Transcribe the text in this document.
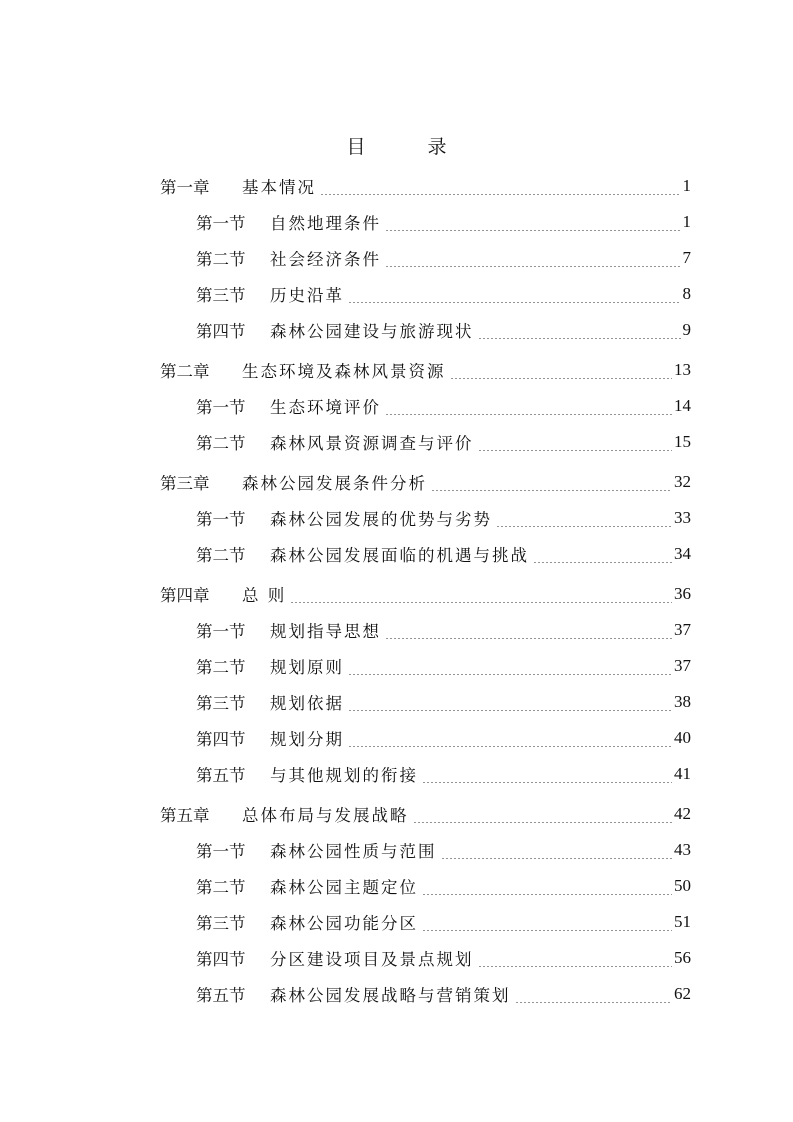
目 录
第一章	基本情况	1
第一节	自然地理条件	1
第二节	社会经济条件	7
第三节	历史沿革	8
第四节	森林公园建设与旅游现状	9
第二章	生态环境及森林风景资源	13
第一节	生态环境评价	14
第二节	森林风景资源调查与评价	15
第三章	森林公园发展条件分析	32
第一节	森林公园发展的优势与劣势	33
第二节	森林公园发展面临的机遇与挑战	34
第四章	总 则	36
第一节	规划指导思想	37
第二节	规划原则	37
第三节	规划依据	38
第四节	规划分期	40
第五节	与其他规划的衔接	41
第五章	总体布局与发展战略	42
第一节	森林公园性质与范围	43
第二节	森林公园主题定位	50
第三节	森林公园功能分区	51
第四节	分区建设项目及景点规划	56
第五节	森林公园发展战略与营销策划	62
